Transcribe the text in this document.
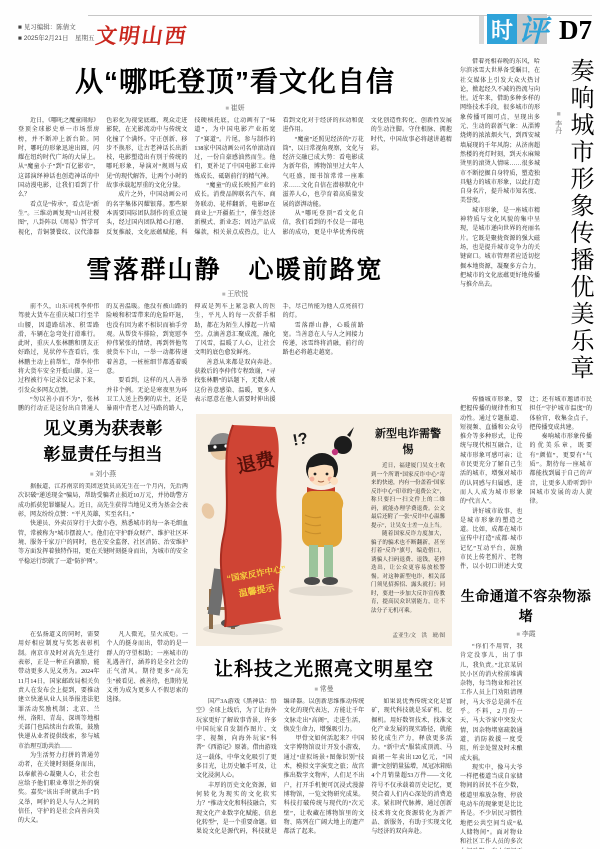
■ 见习编辑：陈倩文
■ 2025年2月21日　星期五 文明山西	时 评 D7
从“哪吒登顶”看文化自信
■ 崔妍

近日，《哪吒之魔童闹海》登顶全球影史单一市场票房榜，并不断冲上新台阶。同时，哪吒的形象迅速出圈，闪耀在纽约时代广场的大屏上。从“魔童小子”到“百亿影帝”，这部演绎神话也创造神话的中国动漫电影，让我们看到了什么？

看点是“传承”，看点是“新生”。三维动画复现“山河社稷图”，八卦阵以《周易》哲学可视化，青铜饕餮纹、汉代漆器色彩化为视觉底蕴，观众走进影院，在光影流动中与传统文化撞了个满怀。守正创新、移步不换形，让古老神话长出新枝，电影塑造出有别于传统的哪吒形象，导演对“规则与成见”的现代解答，让两个小时的故事承载起厚重的文化分量。

成片之外，中国动画公司的名字集体闪耀银幕。那些原本需要国际团队制作的重点镜头，经过国内团队精心打磨、反复推敲，文化底蕴赋能，科技硬核托底，让动画有了“味道”，为中国电影产业拓宽了“赛道”。片尾，参与制作的138家中国动画公司名单滚动而过，一份自豪感油然而生。他们，更补足了中国电影工业淬炼成长、砥砺前行的精气神。

“魔童”的成长映照产业的成长。消费品牌联名汽车、商务联动、花样翻新，电影IP在商业上“开疆拓土”，催生经济新模式、新业态；周边产品成爆款，相关景点成热点，让人看到文化对于经济的拉动和促进作用。

“魔童”还照见经济的“万花筒”，以日常视角观察，文化与经济交融已成大势：看电影成为新年俗，博物馆里过大年人气旺盛，图书馆常常一座难求……文化自信在潜移默化中滋养人心，也孕育着高质量发展的澎湃动能。

从“哪吒登顶”看文化自信，我们看到的不仅是一部电影的成功，更是中华优秀传统文化创造性转化、创新性发展的生动注脚。守住根脉、拥抱时代，中国故事必将越讲越精彩。

雪落群山静　心暖前路宽
■ 王欣悦

前不久，山东司机李仲伟驾驶大货车在重庆城口行至半山腰，因道路结冰、积雪路滑，车辆在急弯处打滑难行。此时，重庆人张林鹏和朋友正好路过，见状停车查看后，张林鹏主动上前帮忙，帮李仲伟将大货车安全开抵山脚。这一过程被行车记录仪记录下来，引发众多网友点赞。

“勿以善小而不为”，张林鹏的行动正是这份出自普通人的友善温暖。他没有被山路的险峻和积雪带来的危险吓退，也没有因为素不相识而袖手旁观。从帮货车排险，到宽慰李仲伟紧张的情绪，再到替他驾驶货车下山，一举一动都传递着善意，一桩桩细节都透着暖意。

要看到，这样的凡人善举并非个例。无论是寒夜里为环卫工人送上热粥的店主，还是暴雨中背老人过马路的路人，抑或是列车上紧急救人的医生，平凡人的每一次搭手相助，都在为陌生人撑起一片晴空。点滴善意汇聚成流，融化了风雪，温暖了人心，让社会文明的底色愈发鲜亮。

善意从来都是双向奔赴。获救后的李仲伟专程致谢，“寻找张林鹏”的话题下，无数人被这份善意感染、温暖，更多人表示愿意在他人需要时伸出援手，尽己所能为他人点亮前行的灯。

雪落群山静，心暖前路宽。当善意在人与人之间接力传递，冰雪终将消融，前行的路也必将越走越宽。

见义勇为获表彰
彰显责任与担当
■ 刘小燕

据报道，江苏南京的美团送货员高先生在一个月内，先后两次识破“递送现金”骗局，帮助受骗者止损近10万元，并协助警方成功抓获犯罪嫌疑人。近日，高先生获得当地见义勇为基金会表彰，网友纷纷点赞：“平凡英雄，实至名归。”

快递员、外卖员穿行于大街小巷，熟悉城市的每一条毛细血管，常被称为“城市摆渡人”。他们在守护群众财产、维护社区环境、服务千家万户的同时，也在安全监督、社区消防、治安维护等方面发挥着独特作用，更在关键时刻挺身而出，为城市的安全平稳运行织就了一道“防护网”。

在弘扬道义的同时，需要用好相应制度与奖惩表彰机制。南京市及时对高先生进行表彰，正是一种正向激励，能带动更多人见义勇为。2024年11月14日，国家邮政局相关负责人在发布会上提到，要推动建立快递从业人员举报违法犯罪活动奖励机制；北京、兰州、洛阳、青岛、深圳等地相关部门也陆续出台政策，鼓励快递从业者提供线索，参与城市治理互助共治……

为生活努力打拼的普通劳动者，在关键时刻挺身而出，以奉献善心凝聚人心，社会也应给予他们职业尊崇之外的褒奖。嘉奖“该出手时就出手”的义举，呵护的是人与人之间的信任，守护的是社会向善向美的大义。

凡人微光，星火成炬。一个人的挺身而出，带动的是一群人的守望相助；一座城市的礼遇善行，涵养的是全社会的正气清风。期待更多“高先生”被看见、被善待，也期待见义勇为成为更多人不假思索的选择。

退费
“国家反诈中心”
温馨提示
!?	新型电诈需警惕

近日，福建厦门吴女士收到一个所谓“国家反诈中心”寄来的快递，内有一份盖着“国家反诈中心”印章的“退费公文”，称只要扫一扫文件上的二维码，就能办理学费退费。公文最后还附了一张“反诈中心温馨提示”，让吴女士差一点上当。

随着国家反诈力度加大，骗子的骗术也不断翻新，甚至打着“反诈”旗号，编造借口，诱骗人扫码退费、退钱，花样迭出，让公众更容易放松警惕。对这种新型电诈，相关部门须见招拆招、露头就打；同时，要进一步加大反诈宣传教育，提高民众识别能力，让不法分子无机可乘。

孟亚生/文　洪　琥/图
让科技之光照亮文明星空
■ 常曼

国产3A游戏《黑神话：悟空》全球上线后，为了让海外玩家更好了解故事背景，许多中国玩家自发制作图片、文字、视频，向海外玩家“科普”《西游记》原著。借由游戏这一载体，中华文化吸引了更多目光，让历史触手可及，让文化浸润人心。

丰厚的历史文化资源，如何转化为现实的文化软实力？“推动文化和科技融合，实现文化产业数字化赋能、信息化转型”，是一个重要命题。如果说文化是源代码，科技就是编译器。以创新思维推动传统文化的现代表达，方能让千年文脉走出“高阁”，走进生活，焕发生命力，增强吸引力。

甲骨文如何活起来？中国文字博物馆设计开发小游戏，通过“虚拟场景+图像识别”技术，模拟文字演变之旅；故宫推出数字文物库，人们足不出户，打开手机便可沉浸式漫游博物馆，一览文物研究成果。科技打破传统与现代的“次元壁”，让收藏在博物馆里的文物、陈列在广阔大地上的遗产都活了起来。

如果说优秀传统文化是富矿，现代科技就是采矿机、挖掘机。用好数智技术，找准文化产业发展的现实路径，就能转化成生产力，释放更多活力。“新中式”服装成顶流、马面裙一年卖出120亿元，“国潮”文创销量猛增，凤冠冰箱贴4个月销量超53万件——文化符号不仅承载着历史记忆，更契合着人们内心深处的消费追求。紧扣时代脉搏，通过创新技术将文化资源转化为新产品、新服务，有助于实现文化与经济的双向奔赴。

借着亮相春晚的东风，哈尔滨冰雪大世界备受瞩目，在社交媒体上引发大众火热讨论，掀起经久不减的热流与向往。近年来，借助多种多样的网络技术手段，很多城市的形象传播可圈可点，呈现出多元、生动的崭新气象：从淄博烧烤的浓浓烟火气，到西安城墙展现的千年风韵；从济南超然楼的亮灯时刻，到天水麻辣烫里的滚烫人情味……很多城市不断挖掘自身特质，塑造独具魅力的城市形象，以此打造自身名片，提升城市知名度、美誉度。

城市形象，是一座城市精神特质与文化风貌的集中呈现，是城市递向世界的亮丽名片。它既是聚拢资源的强大磁场，也是提升城市竞争力的关键窗口。城市管理者应适切挖掘本地资源，凝聚多方合力，把城市的文化底蕴更好地传播与推介出去。

■ 李丹 奏响城市形象传播优美乐章

传播城市形象，要把握传播的规律性和互动性。通过专题报道、短视频、直播和公众号推介等多种形式，让传统与现代相互融合，让城市形象可感可亲；让市民更充分了解自己生活的城市，增强对城市的认同感与归属感，进而人人成为城市形象的“代言人”。

讲好城市故事，也是城市形象的塑造之道。比如，成都在城市宣传中打造“成都·城市记忆”互动平台，鼓励市民上传老照片、老物件，以小切口讲述大变迁；还有城市邀请市民担任“守护城市温度”的体验官，收集金点子，把传播变成共建。

奏响城市形象传播的优美乐章，既要有“颜值”，更要有“气质”。期待每一座城市都能找到属于自己的声音，让更多人聆听到中国城市发展的动人旋律。

生命通道不容杂物添堵
■ 李霞

“你们不用管，我肯定没事儿，出了事儿，我负责。”北京某居民小区的消火栓前堆满杂物，每当物业和社区工作人员上门劝阻清理时，马大爷总是满不在乎。不料，2月的一天，马大爷家中突发火情，因杂物堵塞疏散通道，消防救援一度受阻，所幸处置及时未酿成大祸。

现实中，像马大爷一样把楼道当成自家储物间的居民不在少数，楼道里堆放杂物、停放电动车的现象更是比比皆是。不少居民习惯性地把公共空间当成“私人储物间”。面对物业和社区工作人员的多次
